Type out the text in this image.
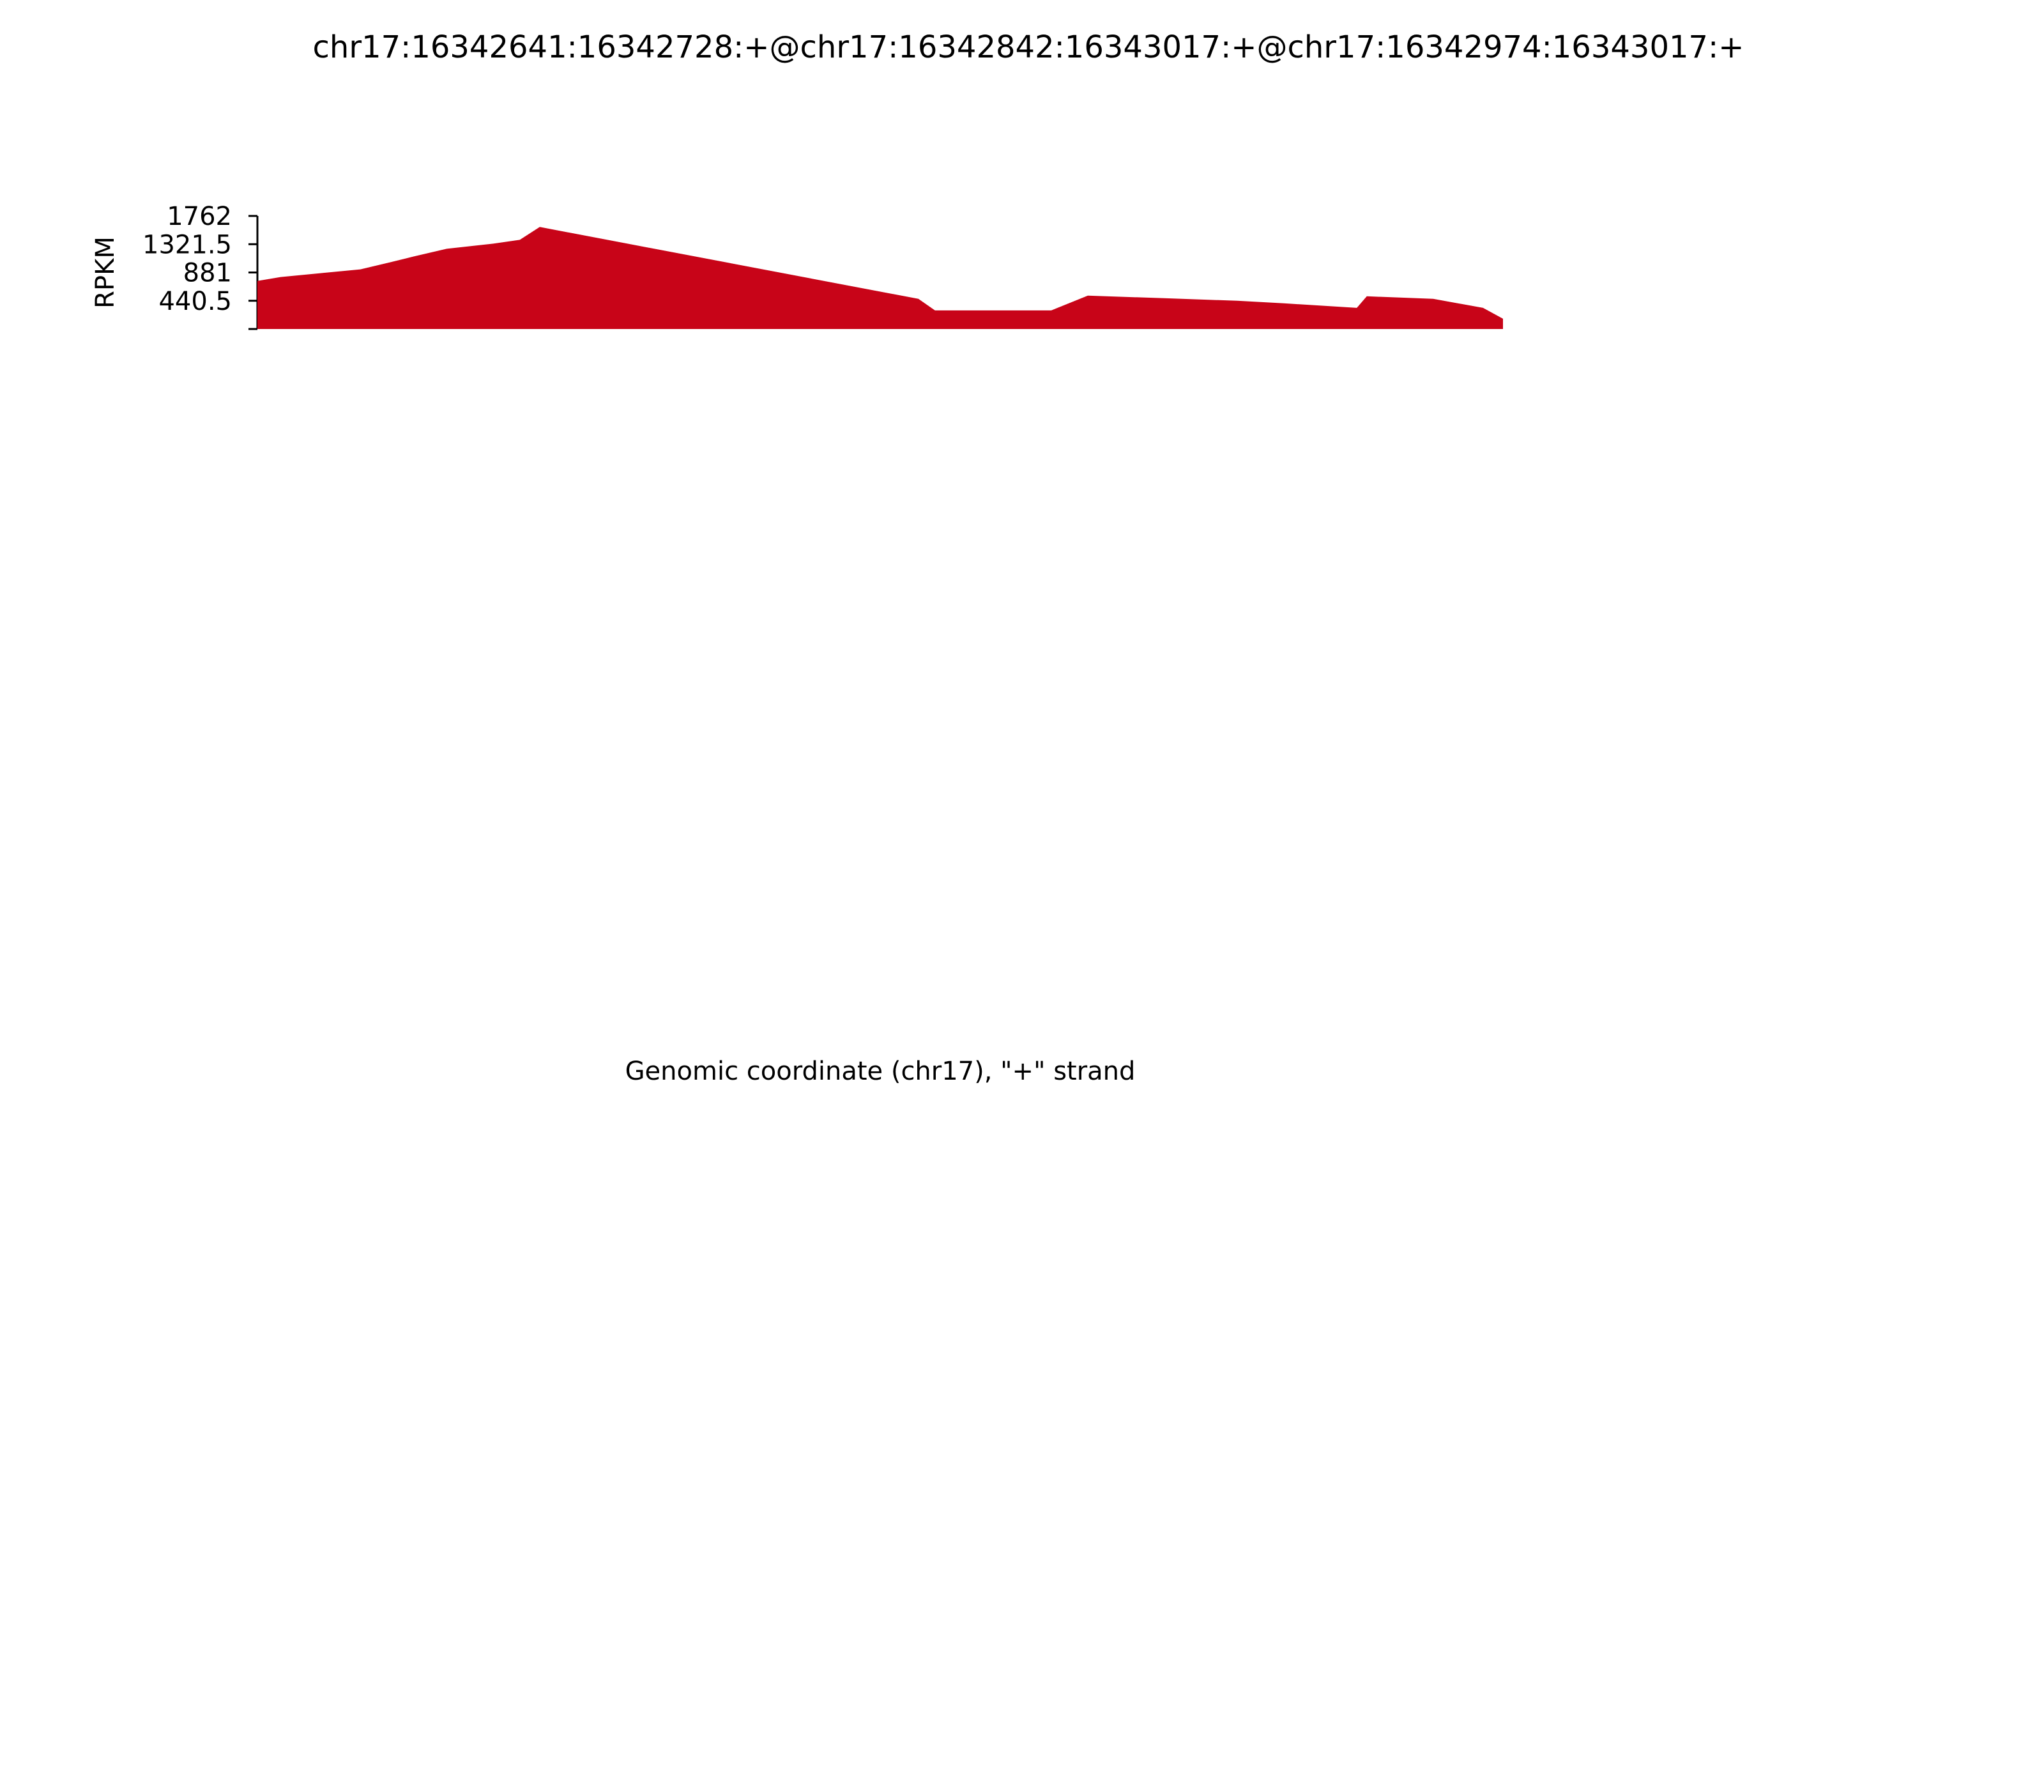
chr17:16342641:16342728:+@chr17:16342842:16343017:+@chr17:16342974:16343017:+
440.5
881
1321.5
1762
RPKM
Genomic coordinate (chr17), "+" strand
